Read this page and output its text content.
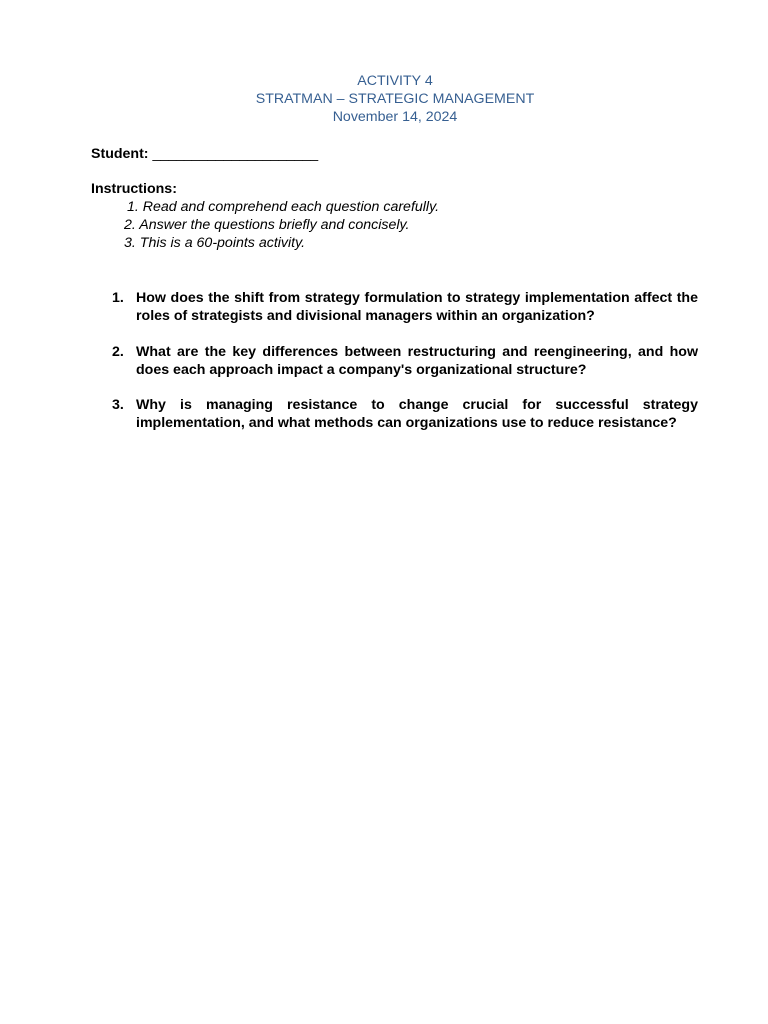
ACTIVITY 4
STRATMAN – STRATEGIC MANAGEMENT
November 14, 2024
Student: _____________________
Instructions:
1. Read and comprehend each question carefully.
2. Answer the questions briefly and concisely.
3. This is a 60-points activity.
1. How does the shift from strategy formulation to strategy implementation affect the roles of strategists and divisional managers within an organization?
2. What are the key differences between restructuring and reengineering, and how does each approach impact a company's organizational structure?
3. Why is managing resistance to change crucial for successful strategy implementation, and what methods can organizations use to reduce resistance?
